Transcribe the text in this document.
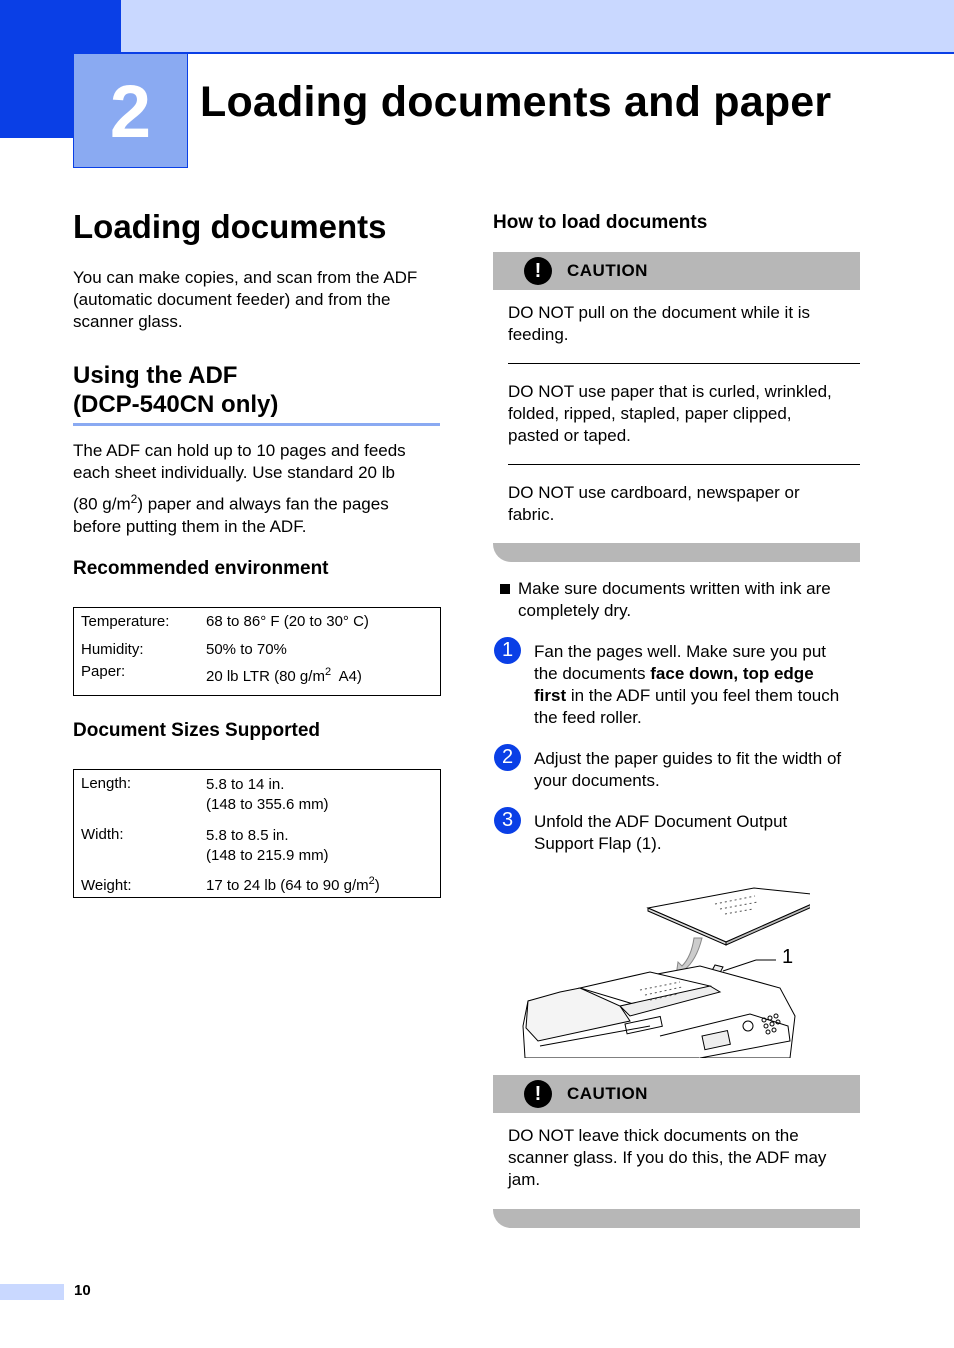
2	Loading documents and paper
Loading documents
You can make copies, and scan from the ADF
(automatic document feeder) and from the
scanner glass.
Using the ADF
(DCP-540CN only)
The ADF can hold up to 10 pages and feeds
each sheet individually. Use standard 20 lb
(80 $g/m^2$) paper and always fan the pages
before putting them in the ADF.
Recommended environment
Temperature:	68 to 86° F (20 to 30° C)
Humidity:	50% to 70%
Paper:	20 lb LTR (80 $g/m^2$  A4)
Document Sizes Supported
Length:	5.8 to 14 in.
(148 to 355.6 mm)

Width:	5.8 to 8.5 in.
(148 to 215.9 mm)

Weight:	17 to 24 lb (64 to 90 $g/m^2$)
How to load documents
!	CAUTION
DO NOT pull on the document while it is
feeding.
DO NOT use paper that is curled, wrinkled,
folded, ripped, stapled, paper clipped,
pasted or taped.
DO NOT use cardboard, newspaper or
fabric.
Make sure documents written with ink are
completely dry.
1	Fan the pages well. Make sure you put
the documents face down, top edge
first in the ADF until you feel them touch
the feed roller.
2	Adjust the paper guides to fit the width of
your documents.
3	Unfold the ADF Document Output
Support Flap (1).
1
!	CAUTION
DO NOT leave thick documents on the
scanner glass. If you do this, the ADF may
jam.
10
